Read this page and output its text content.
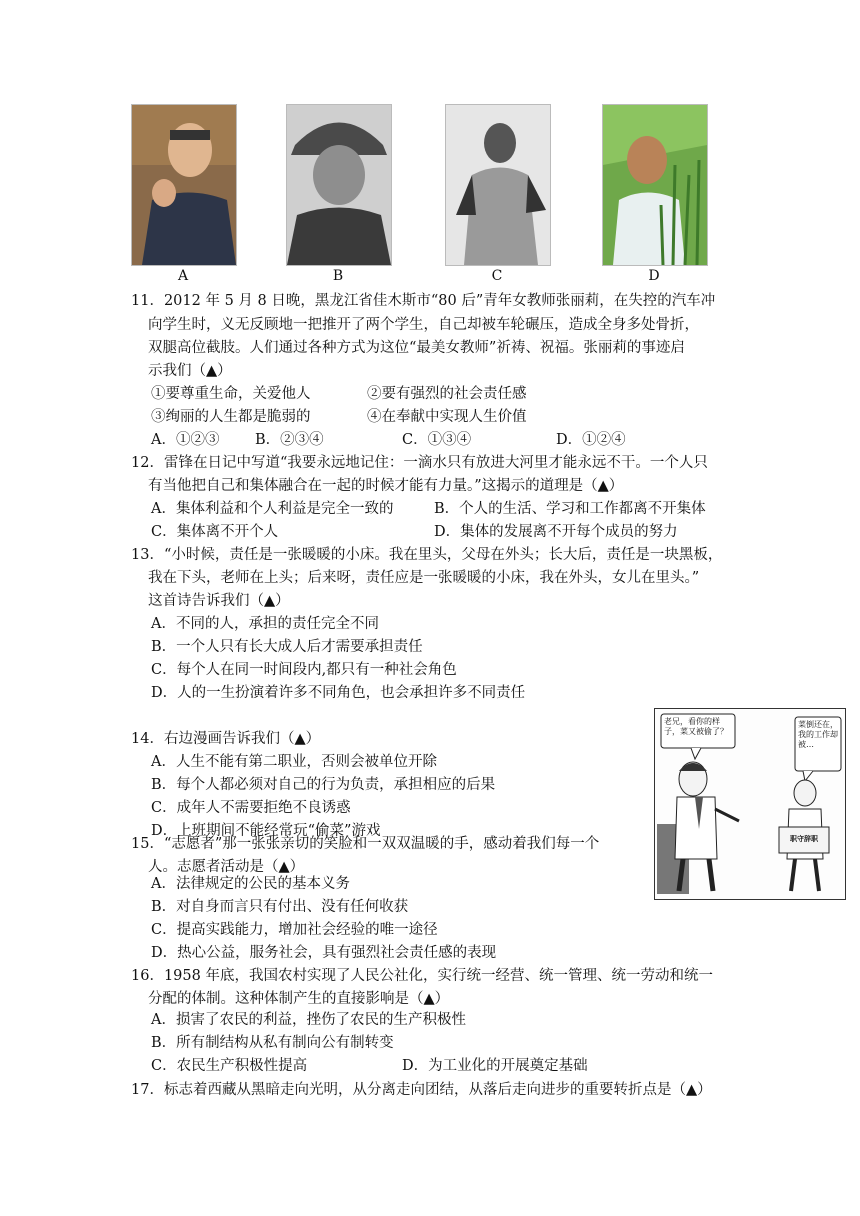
A	B	C	D
11．2012 年 5 月 8 日晚，黑龙江省佳木斯市“80 后”青年女教师张丽莉，在失控的汽车冲
向学生时，义无反顾地一把推开了两个学生，自己却被车轮碾压，造成全身多处骨折，
双腿高位截肢。人们通过各种方式为这位“最美女教师”祈祷、祝福。张丽莉的事迹启
示我们（▲）
①要尊重生命，关爱他人	②要有强烈的社会责任感
③绚丽的人生都是脆弱的	④在奉献中实现人生价值
A．①②③ B．②③④	C．①③④	D．①②④
12．雷锋在日记中写道“我要永远地记住：一滴水只有放进大河里才能永远不干。一个人只
有当他把自己和集体融合在一起的时候才能有力量。”这揭示的道理是（▲）
A．集体利益和个人利益是完全一致的	B．个人的生活、学习和工作都离不开集体
C．集体离不开个人	D．集体的发展离不开每个成员的努力
13．“小时候，责任是一张暖暖的小床。我在里头，父母在外头；长大后，责任是一块黑板，
我在下头，老师在上头；后来呀，责任应是一张暖暖的小床，我在外头，女儿在里头。”
这首诗告诉我们（▲）
A．不同的人，承担的责任完全不同
B．一个人只有长大成人后才需要承担责任
C．每个人在同一时间段内,都只有一种社会角色
D．人的一生扮演着许多不同角色，也会承担许多不同责任
14．右边漫画告诉我们（▲）
A．人生不能有第二职业，否则会被单位开除
B．每个人都必须对自己的行为负责，承担相应的后果
C．成年人不需要拒绝不良诱惑
D．上班期间不能经常玩“偷菜”游戏
老兄，看你的样子，菜又被偷了？
菜倒还在，我的工作却被…
职守辞职
15．“志愿者”那一张张亲切的笑脸和一双双温暖的手，感动着我们每一个
人。志愿者活动是（▲）
A．法律规定的公民的基本义务
B．对自身而言只有付出、没有任何收获
C．提高实践能力，增加社会经验的唯一途径
D．热心公益，服务社会，具有强烈社会责任感的表现
16．1958 年底，我国农村实现了人民公社化，实行统一经营、统一管理、统一劳动和统一
分配的体制。这种体制产生的直接影响是（▲）
A．损害了农民的利益，挫伤了农民的生产积极性
B．所有制结构从私有制向公有制转变
C．农民生产积极性提高	D．为工业化的开展奠定基础
17．标志着西藏从黑暗走向光明，从分离走向团结，从落后走向进步的重要转折点是（▲）
